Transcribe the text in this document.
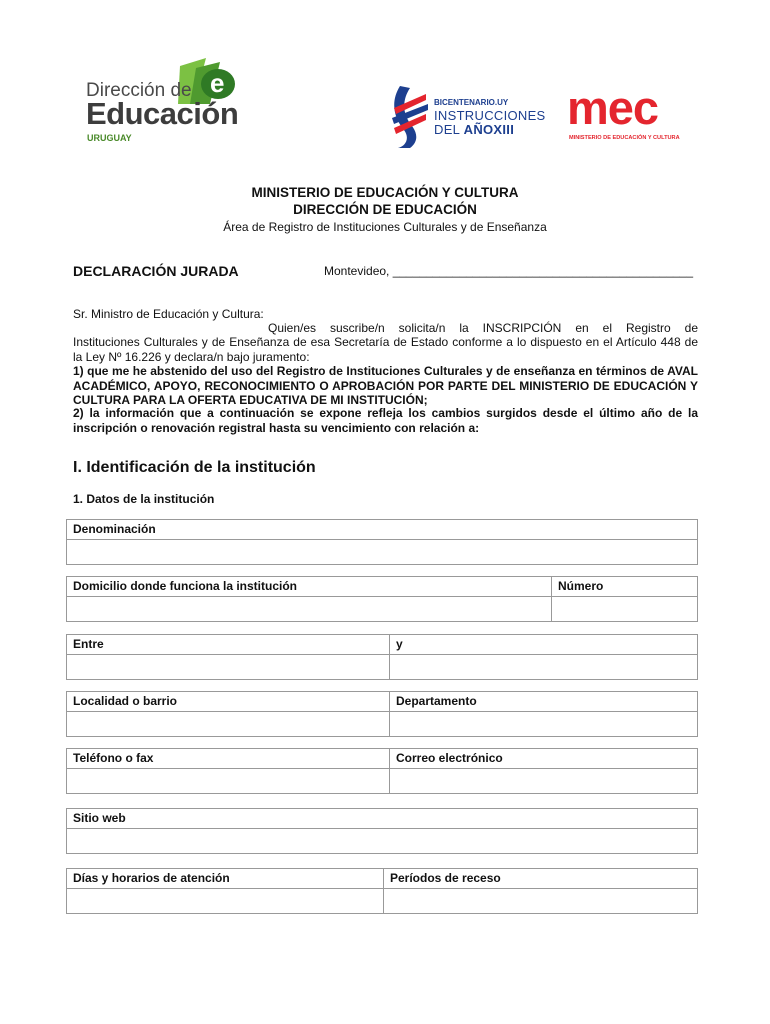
e
Dirección de
Educación
URUGUAY
BICENTENARIO.UY
INSTRUCCIONES
DEL AÑOXIII mec
MINISTERIO DE EDUCACIÓN Y CULTURA
MINISTERIO DE EDUCACIÓN Y CULTURA
DIRECCIÓN DE EDUCACIÓN
Área de Registro de Instituciones Culturales y de Enseñanza
DECLARACIÓN JURADA	Montevideo, _____________________________________________
Sr. Ministro de Educación y Cultura:
Quien/es suscribe/n solicita/n la INSCRIPCIÓN en el Registro de
Instituciones Culturales y de Enseñanza de esa Secretaría de Estado conforme a lo dispuesto en el Artículo 448 de la Ley Nº 16.226 y declara/n bajo juramento:
1) que me he abstenido del uso del Registro de Instituciones Culturales y de enseñanza en términos de AVAL ACADÉMICO, APOYO, RECONOCIMIENTO O APROBACIÓN POR PARTE DEL MINISTERIO DE EDUCACIÓN Y CULTURA PARA LA OFERTA EDUCATIVA DE MI INSTITUCIÓN;
2) la información que a continuación se expone refleja los cambios surgidos desde el último año de la inscripción o renovación registral hasta su vencimiento con relación a:
I. Identificación de la institución
1. Datos de la institución
Denominación
Domicilio donde funciona la institución	Número
Entre	y
Localidad o barrio	Departamento
Teléfono o fax	Correo electrónico
Sitio web
Días y horarios de atención	Períodos de receso
